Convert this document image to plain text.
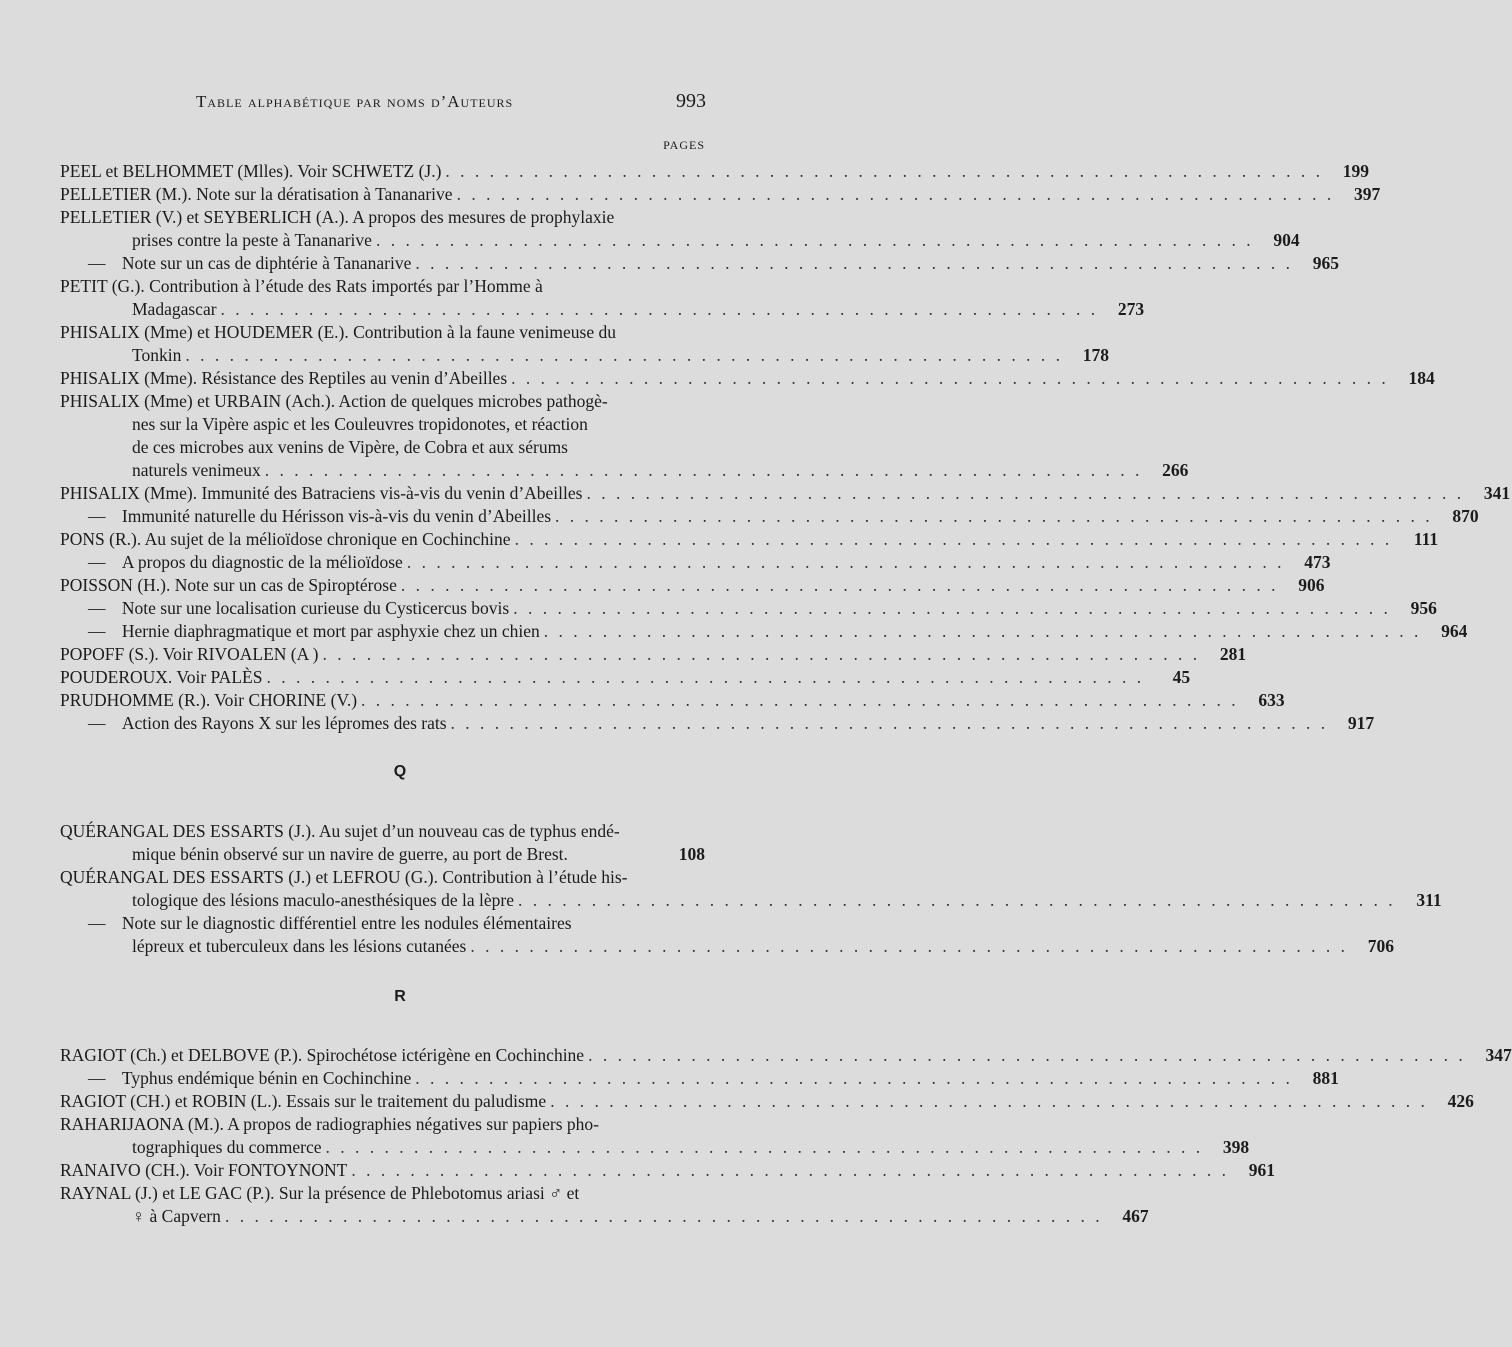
Table alphabétique par noms d’Auteurs	993
PAGES
PEEL et BELHOMMET (Mlles). Voir SCHWETZ (J.) . . . . . . . . . . . . . . . . . . . . . . . . . . . . . . . . . . . . . . . . . . . . . . . . . . . . . . . . . . . .	199
PELLETIER (M.). Note sur la dératisation à Tananarive . . . . . . . . . . . . . . . . . . . . . . . . . . . . . . . . . . . . . . . . . . . . . . . . . . . . . . . . . . . .	397
PELLETIER (V.) et SEYBERLICH (A.). A propos des mesures de prophylaxie
prises contre la peste à Tananarive . . . . . . . . . . . . . . . . . . . . . . . . . . . . . . . . . . . . . . . . . . . . . . . . . . . . . . . . . . . .	904
— Note sur un cas de diphtérie à Tananarive . . . . . . . . . . . . . . . . . . . . . . . . . . . . . . . . . . . . . . . . . . . . . . . . . . . . . . . . . . . .	965
PETIT (G.). Contribution à l’étude des Rats importés par l’Homme à
Madagascar . . . . . . . . . . . . . . . . . . . . . . . . . . . . . . . . . . . . . . . . . . . . . . . . . . . . . . . . . . . .	273
PHISALIX (Mme) et HOUDEMER (E.). Contribution à la faune venimeuse du
Tonkin . . . . . . . . . . . . . . . . . . . . . . . . . . . . . . . . . . . . . . . . . . . . . . . . . . . . . . . . . . . .	178
PHISALIX (Mme). Résistance des Reptiles au venin d’Abeilles . . . . . . . . . . . . . . . . . . . . . . . . . . . . . . . . . . . . . . . . . . . . . . . . . . . . . . . . . . . .	184
PHISALIX (Mme) et URBAIN (Ach.). Action de quelques microbes pathogè-
nes sur la Vipère aspic et les Couleuvres tropidonotes, et réaction
de ces microbes aux venins de Vipère, de Cobra et aux sérums
naturels venimeux . . . . . . . . . . . . . . . . . . . . . . . . . . . . . . . . . . . . . . . . . . . . . . . . . . . . . . . . . . . .	266
PHISALIX (Mme). Immunité des Batraciens vis-à-vis du venin d’Abeilles . . . . . . . . . . . . . . . . . . . . . . . . . . . . . . . . . . . . . . . . . . . . . . . . . . . . . . . . . . . .	341
— Immunité naturelle du Hérisson vis-à-vis du venin d’Abeilles . . . . . . . . . . . . . . . . . . . . . . . . . . . . . . . . . . . . . . . . . . . . . . . . . . . . . . . . . . . .	870
PONS (R.). Au sujet de la mélioïdose chronique en Cochinchine . . . . . . . . . . . . . . . . . . . . . . . . . . . . . . . . . . . . . . . . . . . . . . . . . . . . . . . . . . . .	111
— A propos du diagnostic de la mélioïdose . . . . . . . . . . . . . . . . . . . . . . . . . . . . . . . . . . . . . . . . . . . . . . . . . . . . . . . . . . . .	473
POISSON (H.). Note sur un cas de Spiroptérose . . . . . . . . . . . . . . . . . . . . . . . . . . . . . . . . . . . . . . . . . . . . . . . . . . . . . . . . . . . .	906
— Note sur une localisation curieuse du Cysticercus bovis . . . . . . . . . . . . . . . . . . . . . . . . . . . . . . . . . . . . . . . . . . . . . . . . . . . . . . . . . . . .	956
— Hernie diaphragmatique et mort par asphyxie chez un chien . . . . . . . . . . . . . . . . . . . . . . . . . . . . . . . . . . . . . . . . . . . . . . . . . . . . . . . . . . . .	964
POPOFF (S.). Voir RIVOALEN (A ) . . . . . . . . . . . . . . . . . . . . . . . . . . . . . . . . . . . . . . . . . . . . . . . . . . . . . . . . . . . .	281
POUDEROUX. Voir PALÈS . . . . . . . . . . . . . . . . . . . . . . . . . . . . . . . . . . . . . . . . . . . . . . . . . . . . . . . . . . . .	45
PRUDHOMME (R.). Voir CHORINE (V.) . . . . . . . . . . . . . . . . . . . . . . . . . . . . . . . . . . . . . . . . . . . . . . . . . . . . . . . . . . . .	633
— Action des Rayons X sur les lépromes des rats . . . . . . . . . . . . . . . . . . . . . . . . . . . . . . . . . . . . . . . . . . . . . . . . . . . . . . . . . . . .	917
Q
QUÉRANGAL DES ESSARTS (J.). Au sujet d’un nouveau cas de typhus endé-
mique bénin observé sur un navire de guerre, au port de Brest.	108
QUÉRANGAL DES ESSARTS (J.) et LEFROU (G.). Contribution à l’étude his-
tologique des lésions maculo-anesthésiques de la lèpre . . . . . . . . . . . . . . . . . . . . . . . . . . . . . . . . . . . . . . . . . . . . . . . . . . . . . . . . . . . .	311
— Note sur le diagnostic différentiel entre les nodules élémentaires
lépreux et tuberculeux dans les lésions cutanées . . . . . . . . . . . . . . . . . . . . . . . . . . . . . . . . . . . . . . . . . . . . . . . . . . . . . . . . . . . .	706
R
RAGIOT (Ch.) et DELBOVE (P.). Spirochétose ictérigène en Cochinchine . . . . . . . . . . . . . . . . . . . . . . . . . . . . . . . . . . . . . . . . . . . . . . . . . . . . . . . . . . . .	347
— Typhus endémique bénin en Cochinchine . . . . . . . . . . . . . . . . . . . . . . . . . . . . . . . . . . . . . . . . . . . . . . . . . . . . . . . . . . . .	881
RAGIOT (CH.) et ROBIN (L.). Essais sur le traitement du paludisme . . . . . . . . . . . . . . . . . . . . . . . . . . . . . . . . . . . . . . . . . . . . . . . . . . . . . . . . . . . .	426
RAHARIJAONA (M.). A propos de radiographies négatives sur papiers pho-
tographiques du commerce . . . . . . . . . . . . . . . . . . . . . . . . . . . . . . . . . . . . . . . . . . . . . . . . . . . . . . . . . . . .	398
RANAIVO (CH.). Voir FONTOYNONT . . . . . . . . . . . . . . . . . . . . . . . . . . . . . . . . . . . . . . . . . . . . . . . . . . . . . . . . . . . .	961
RAYNAL (J.) et LE GAC (P.). Sur la présence de Phlebotomus ariasi ♂ et
♀ à Capvern . . . . . . . . . . . . . . . . . . . . . . . . . . . . . . . . . . . . . . . . . . . . . . . . . . . . . . . . . . . .	467
